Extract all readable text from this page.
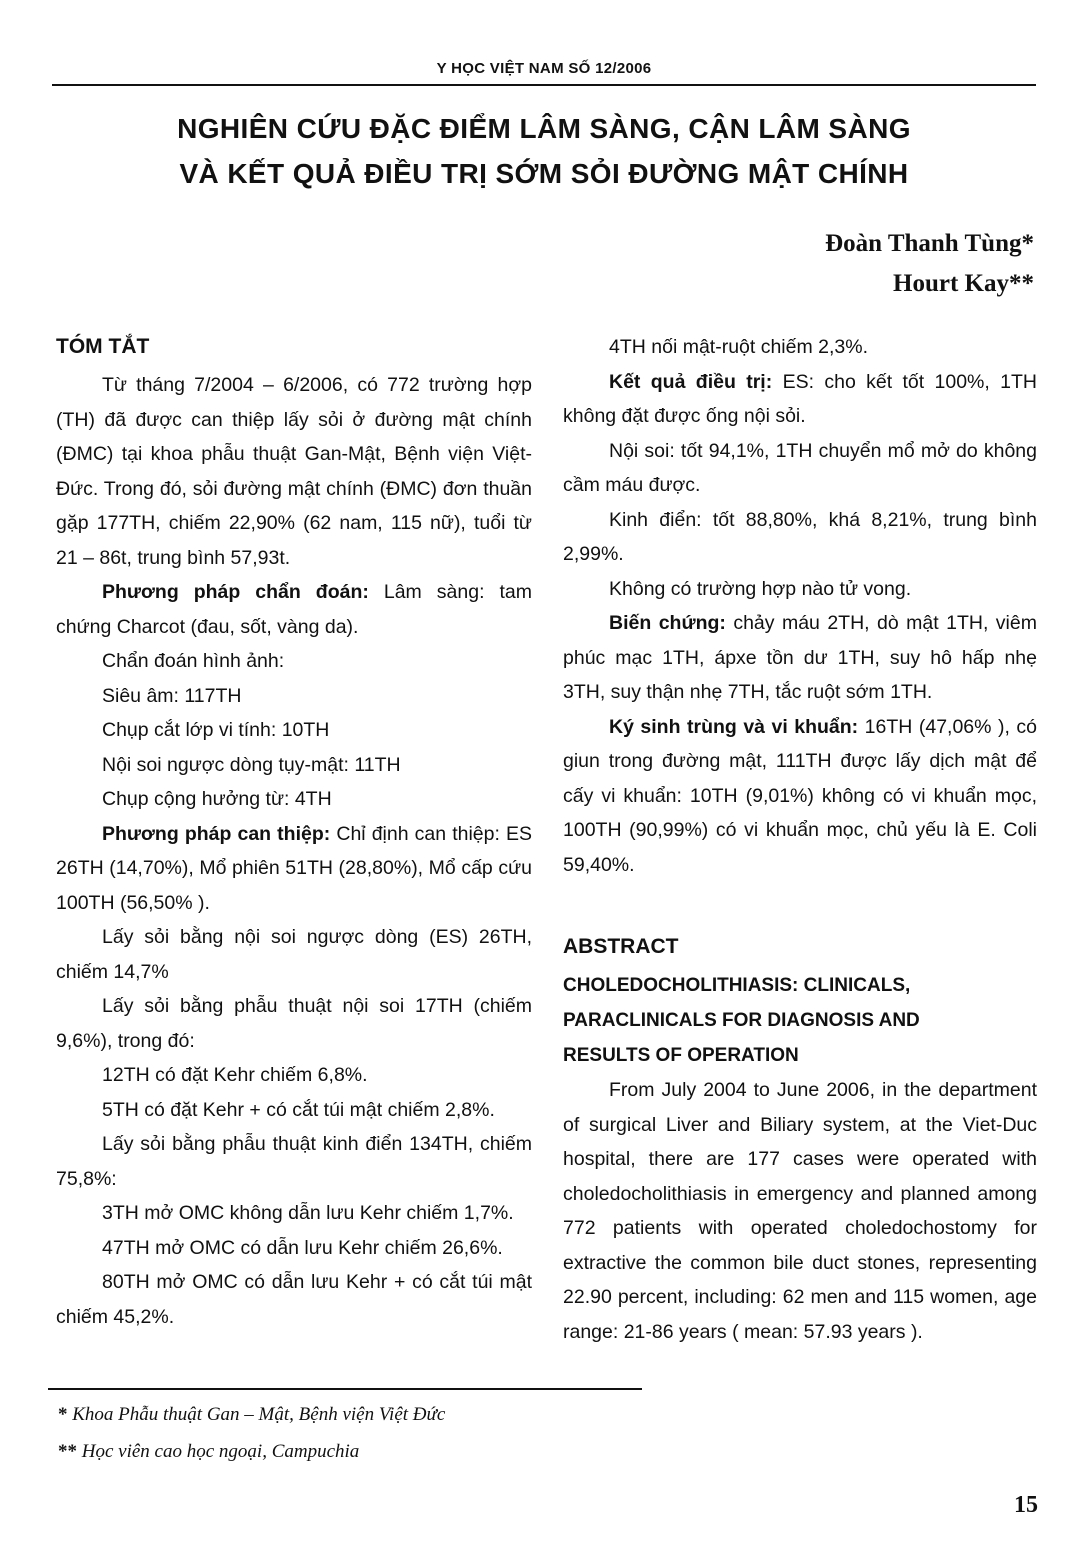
Y HỌC VIỆT NAM SỐ 12/2006
NGHIÊN CỨU ĐẶC ĐIỂM LÂM SÀNG, CẬN LÂM SÀNG
VÀ KẾT QUẢ ĐIỀU TRỊ SỚM SỎI ĐƯỜNG MẬT CHÍNH
Đoàn Thanh Tùng*
Hourt Kay**
TÓM TẮT

Từ tháng 7/2004 – 6/2006, có 772 trường hợp (TH) đã được can thiệp lấy sỏi ở đường mật chính (ĐMC) tại khoa phẫu thuật Gan-Mật, Bệnh viện Việt-Đức. Trong đó, sỏi đường mật chính (ĐMC) đơn thuần gặp 177TH, chiếm 22,90% (62 nam, 115 nữ), tuổi từ 21 – 86t, trung bình 57,93t.

Phương pháp chẩn đoán: Lâm sàng: tam chứng Charcot (đau, sốt, vàng da).

Chẩn đoán hình ảnh:

Siêu âm: 117TH

Chụp cắt lớp vi tính: 10TH

Nội soi ngược dòng tụy-mật: 11TH

Chụp cộng hưởng từ: 4TH

Phương pháp can thiệp: Chỉ định can thiệp: ES 26TH (14,70%), Mổ phiên 51TH (28,80%), Mổ cấp cứu 100TH (56,50% ).

Lấy sỏi bằng nội soi ngược dòng (ES) 26TH, chiếm 14,7%

Lấy sỏi bằng phẫu thuật nội soi 17TH (chiếm 9,6%), trong đó:

12TH có đặt Kehr chiếm 6,8%.

5TH có đặt Kehr + có cắt túi mật chiếm 2,8%.

Lấy sỏi bằng phẫu thuật kinh điển 134TH, chiếm 75,8%:

3TH mở OMC không dẫn lưu Kehr chiếm 1,7%.

47TH mở OMC có dẫn lưu Kehr chiếm 26,6%.

80TH mở OMC có dẫn lưu Kehr + có cắt túi mật chiếm 45,2%.

4TH nối mật-ruột chiếm 2,3%.

Kết quả điều trị: ES: cho kết tốt 100%, 1TH không đặt được ống nội sỏi.

Nội soi: tốt 94,1%, 1TH chuyển mổ mở do không cầm máu được.

Kinh điển: tốt 88,80%, khá 8,21%, trung bình 2,99%.

Không có trường hợp nào tử vong.

Biến chứng: chảy máu 2TH, dò mật 1TH, viêm phúc mạc 1TH, ápxe tồn dư 1TH, suy hô hấp nhẹ 3TH, suy thận nhẹ 7TH, tắc ruột sớm 1TH.

Ký sinh trùng và vi khuẩn: 16TH (47,06% ), có giun trong đường mật, 111TH được lấy dịch mật để cấy vi khuẩn: 10TH (9,01%) không có vi khuẩn mọc, 100TH (90,99%) có vi khuẩn mọc, chủ yếu là E. Coli 59,40%.

ABSTRACT

CHOLEDOCHOLITHIASIS: CLINICALS,

PARACLINICALS FOR DIAGNOSIS AND

RESULTS OF OPERATION

From July 2004 to June 2006, in the department of surgical Liver and Biliary system, at the Viet-Duc hospital, there are 177 cases were operated with choledocholithiasis in emergency and planned among 772 patients with operated choledochostomy for extractive the common bile duct stones, representing 22.90 percent, including: 62 men and 115 women, age range: 21-86 years ( mean: 57.93 years ).

* Khoa Phẫu thuật Gan – Mật, Bệnh viện Việt Đức
** Học viên cao học ngoại, Campuchia
15
